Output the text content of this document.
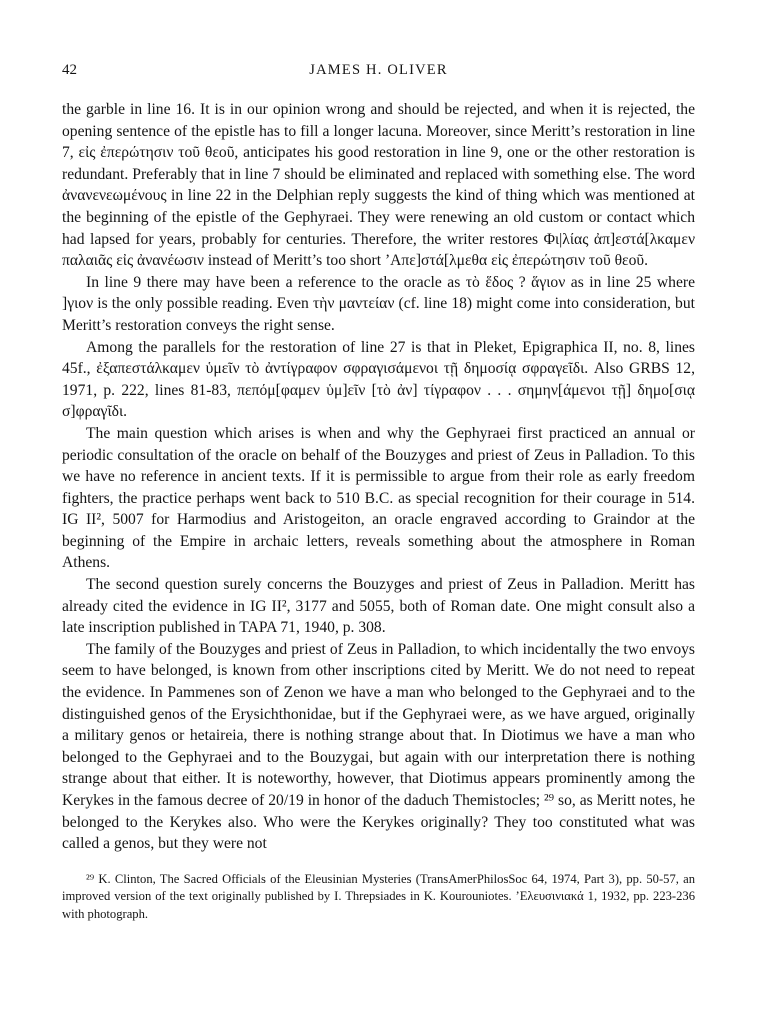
42	JAMES H. OLIVER

the garble in line 16. It is in our opinion wrong and should be rejected, and when it is rejected, the opening sentence of the epistle has to fill a longer lacuna. Moreover, since Meritt’s restoration in line 7, εἰς ἐπερώτησιν τοῦ θεοῦ, anticipates his good restoration in line 9, one or the other restoration is redundant. Preferably that in line 7 should be eliminated and replaced with something else. The word ἀνανενεωμένους in line 22 in the Delphian reply suggests the kind of thing which was mentioned at the beginning of the epistle of the Gephyraei. They were renewing an old custom or contact which had lapsed for years, probably for centuries. Therefore, the writer restores Φι|λίας ἀπ]εστά[λκαμεν παλαιᾶς εἰς ἀνανέωσιν instead of Meritt’s too short ’Απε]στά[λμεθα εἰς ἐπερώτησιν τοῦ θεοῦ.

In line 9 there may have been a reference to the oracle as τὸ ἕδος ? ἅγιον as in line 25 where ]γιον is the only possible reading. Even τὴν μαντείαν (cf. line 18) might come into consideration, but Meritt’s restoration conveys the right sense.

Among the parallels for the restoration of line 27 is that in Pleket, Epigraphica II, no. 8, lines 45f., ἐξαπεστάλκαμεν ὑμεῖν τὸ ἀντίγραφον σφραγισάμενοι τῇ δημοσίᾳ σφραγεῖδι. Also GRBS 12, 1971, p. 222, lines 81-83, πεπόμ[φαμεν ὑμ]εῖν [τὸ ἀν] τίγραφον . . . σημην[άμενοι τῇ] δημο[σιᾳ σ]φραγῖδι.

The main question which arises is when and why the Gephyraei first practiced an annual or periodic consultation of the oracle on behalf of the Bouzyges and priest of Zeus in Palladion. To this we have no reference in ancient texts. If it is permissible to argue from their role as early freedom fighters, the practice perhaps went back to 510 B.C. as special recognition for their courage in 514. IG II², 5007 for Harmodius and Aristogeiton, an oracle engraved according to Graindor at the beginning of the Empire in archaic letters, reveals something about the atmosphere in Roman Athens.

The second question surely concerns the Bouzyges and priest of Zeus in Palladion. Meritt has already cited the evidence in IG II², 3177 and 5055, both of Roman date. One might consult also a late inscription published in TAPA 71, 1940, p. 308.

The family of the Bouzyges and priest of Zeus in Palladion, to which incidentally the two envoys seem to have belonged, is known from other inscriptions cited by Meritt. We do not need to repeat the evidence. In Pammenes son of Zenon we have a man who belonged to the Gephyraei and to the distinguished genos of the Erysichthonidae, but if the Gephyraei were, as we have argued, originally a military genos or hetaireia, there is nothing strange about that. In Diotimus we have a man who belonged to the Gephyraei and to the Bouzygai, but again with our interpretation there is nothing strange about that either. It is noteworthy, however, that Diotimus appears prominently among the Kerykes in the famous decree of 20/19 in honor of the daduch Themistocles; ²⁹ so, as Meritt notes, he belonged to the Kerykes also. Who were the Kerykes originally? They too constituted what was called a genos, but they were not

²⁹ K. Clinton, The Sacred Officials of the Eleusinian Mysteries (TransAmerPhilosSoc 64, 1974, Part 3), pp. 50-57, an improved version of the text originally published by I. Threpsiades in K. Kourouniotes. ’Ελευσινιακά 1, 1932, pp. 223-236 with photograph.
